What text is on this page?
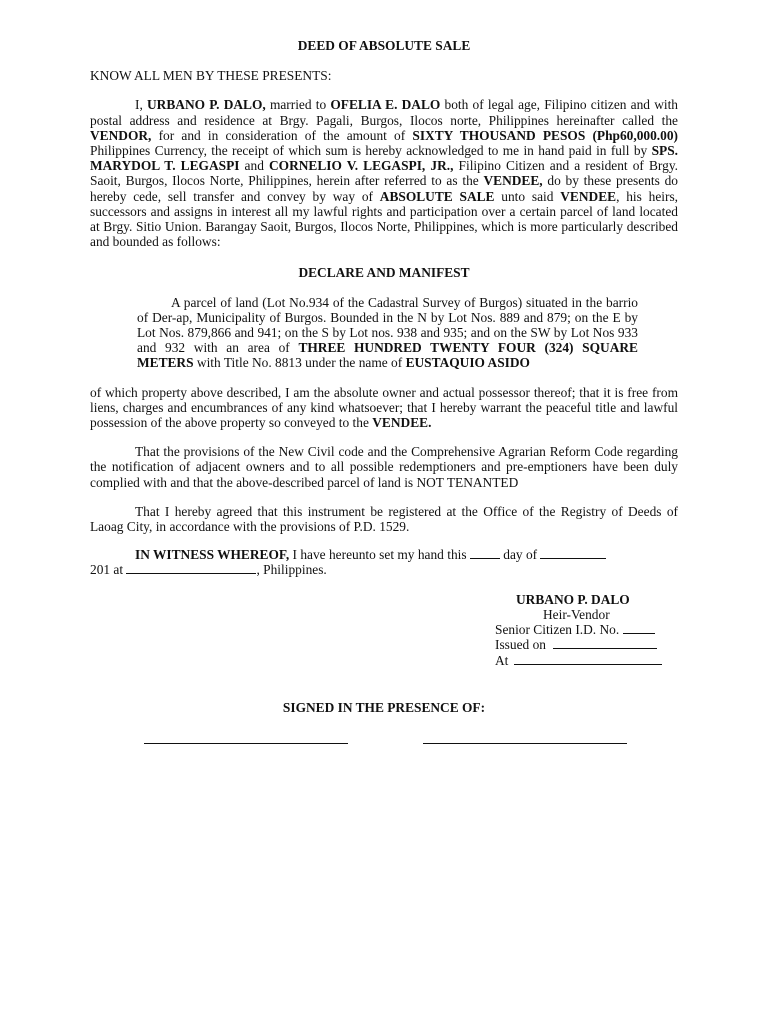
DEED OF ABSOLUTE SALE
KNOW ALL MEN BY THESE PRESENTS:

I, URBANO P. DALO, married to OFELIA E. DALO both of legal age, Filipino citizen and with postal address and residence at Brgy. Pagali, Burgos, Ilocos norte, Philippines hereinafter called the VENDOR, for and in consideration of the amount of SIXTY THOUSAND PESOS (Php60,000.00) Philippines Currency, the receipt of which sum is hereby acknowledged to me in hand paid in full by SPS. MARYDOL T. LEGASPI and CORNELIO V. LEGASPI, JR., Filipino Citizen and a resident of Brgy. Saoit, Burgos, Ilocos Norte, Philippines, herein after referred to as the VENDEE, do by these presents do hereby cede, sell transfer and convey by way of ABSOLUTE SALE unto said VENDEE, his heirs, successors and assigns in interest all my lawful rights and participation over a certain parcel of land located at Brgy. Sitio Union. Barangay Saoit, Burgos, Ilocos Norte, Philippines, which is more particularly described and bounded as follows:

DECLARE AND MANIFEST

A parcel of land (Lot No.934 of the Cadastral Survey of Burgos) situated in the barrio of Der-ap, Municipality of Burgos. Bounded in the N by Lot Nos. 889 and 879; on the E by Lot Nos. 879,866 and 941; on the S by Lot nos. 938 and 935; and on the SW by Lot Nos 933 and 932 with an area of THREE HUNDRED TWENTY FOUR (324) SQUARE METERS with Title No. 8813 under the name of EUSTAQUIO ASIDO

of which property above described, I am the absolute owner and actual possessor thereof; that it is free from liens, charges and encumbrances of any kind whatsoever; that I hereby warrant the peaceful title and lawful possession of the above property so conveyed to the VENDEE.

That the provisions of the New Civil code and the Comprehensive Agrarian Reform Code regarding the notification of adjacent owners and to all possible redemptioners and pre-emptioners have been duly complied with and that the above-described parcel of land is NOT TENANTED

That I hereby agreed that this instrument be registered at the Office of the Registry of Deeds of Laoag City, in accordance with the provisions of P.D. 1529.

IN WITNESS WHEREOF, I have hereunto set my hand this  day of

201 at	, Philippines.

URBANO P. DALO
Heir-Vendor
Senior Citizen I.D. No.
Issued on
At
SIGNED IN THE PRESENCE OF:
